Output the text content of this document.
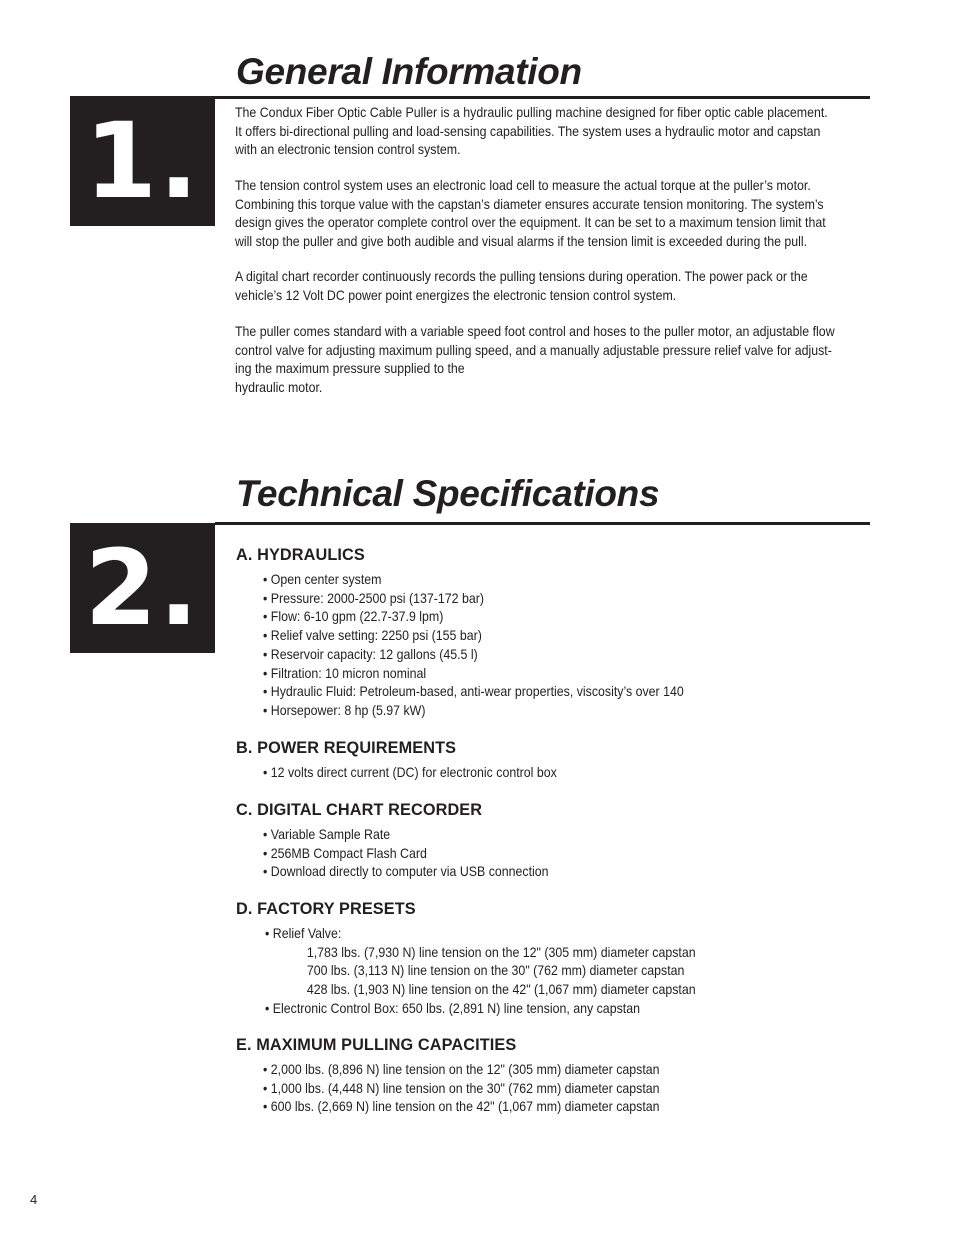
General Information
1.	The Condux Fiber Optic Cable Puller is a hydraulic pulling machine designed for fiber optic cable placement.
It offers bi-directional pulling and load-sensing capabilities. The system uses a hydraulic motor and capstan
with an electronic tension control system.
The tension control system uses an electronic load cell to measure the actual torque at the puller’s motor.
Combining this torque value with the capstan’s diameter ensures accurate tension monitoring. The system’s
design gives the operator complete control over the equipment. It can be set to a maximum tension limit that
will stop the puller and give both audible and visual alarms if the tension limit is exceeded during the pull.
A digital chart recorder continuously records the pulling tensions during operation. The power pack or the
vehicle’s 12 Volt DC power point energizes the electronic tension control system.
The puller comes standard with a variable speed foot control and hoses to the puller motor, an adjustable flow
control valve for adjusting maximum pulling speed, and a manually adjustable pressure relief valve for adjust-
ing the maximum pressure supplied to the
hydraulic motor.
Technical Specifications
2.	A. HYDRAULICS
• Open center system
• Pressure: 2000-2500 psi (137-172 bar)
• Flow: 6-10 gpm (22.7-37.9 lpm)
• Relief valve setting: 2250 psi (155 bar)
• Reservoir capacity: 12 gallons (45.5 l)
• Filtration: 10 micron nominal
• Hydraulic Fluid: Petroleum-based, anti-wear properties, viscosity’s over 140
• Horsepower: 8 hp (5.97 kW)
B. POWER REQUIREMENTS
• 12 volts direct current (DC) for electronic control box
C. DIGITAL CHART RECORDER
• Variable Sample Rate
• 256MB Compact Flash Card
• Download directly to computer via USB connection
D. FACTORY PRESETS
• Relief Valve:
1,783 lbs. (7,930 N) line tension on the 12" (305 mm) diameter capstan
700 lbs. (3,113 N) line tension on the 30" (762 mm) diameter capstan
428 lbs. (1,903 N) line tension on the 42" (1,067 mm) diameter capstan
• Electronic Control Box: 650 lbs. (2,891 N) line tension, any capstan
E. MAXIMUM PULLING CAPACITIES
• 2,000 lbs. (8,896 N) line tension on the 12" (305 mm) diameter capstan
• 1,000 lbs. (4,448 N) line tension on the 30" (762 mm) diameter capstan
• 600 lbs. (2,669 N) line tension on the 42" (1,067 mm) diameter capstan
4
